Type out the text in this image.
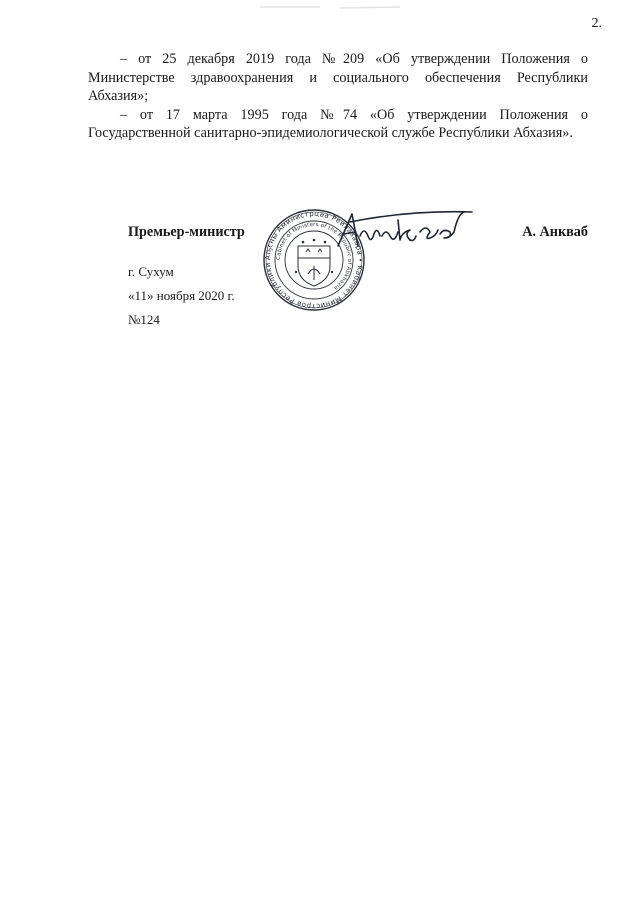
2.

– от 25 декабря 2019 года №209 «Об утверждении Положения о Министерстве здравоохранения и социального обеспечения Республики Абхазия»;

– от 17 марта 1995 года №74 «Об утверждении Положения о Государственной санитарно-эпидемиологической службе Республики Абхазия».

Премьер-министр	А. Анкваб
г. Сухум
«11» ноября 2020 г.
№124
Аҧсны Аминистрцәа Реилазаара • Кабинет Министров Республики
Cabinet of Ministers of the Republic of Abkhazia
